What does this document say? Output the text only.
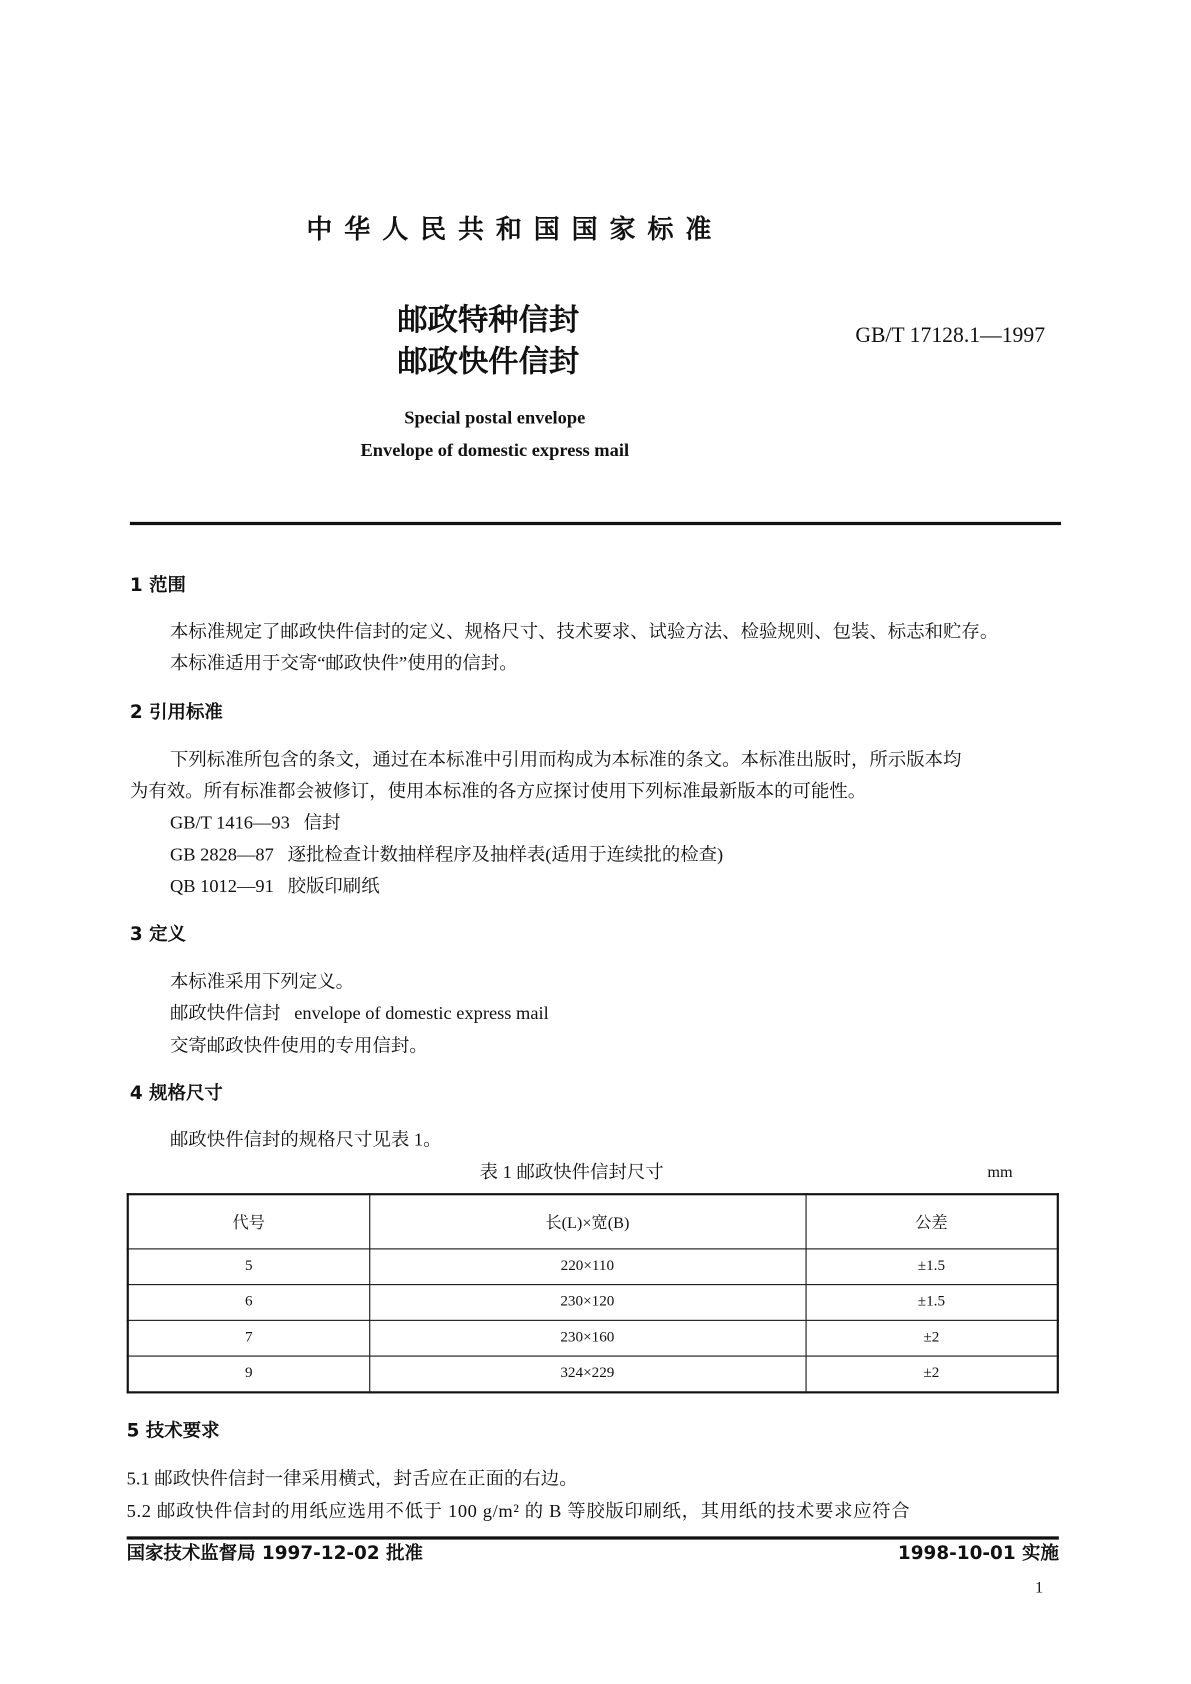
中华人民共和国国家标准
邮政特种信封
邮政快件信封
GB/T 17128.1—1997
Special postal envelope
Envelope of domestic express mail
1 范围
本标准规定了邮政快件信封的定义、规格尺寸、技术要求、试验方法、检验规则、包装、标志和贮存。
本标准适用于交寄“邮政快件”使用的信封。
2 引用标准
下列标准所包含的条文，通过在本标准中引用而构成为本标准的条文。本标准出版时，所示版本均
为有效。所有标准都会被修订，使用本标准的各方应探讨使用下列标准最新版本的可能性。
GB/T 1416—93 信封
GB 2828—87 逐批检查计数抽样程序及抽样表(适用于连续批的检查)
QB 1012—91 胶版印刷纸
3 定义
本标准采用下列定义。
邮政快件信封 envelope of domestic express mail
交寄邮政快件使用的专用信封。
4 规格尺寸
邮政快件信封的规格尺寸见表 1。
表 1 邮政快件信封尺寸	mm
代号	长(L)×宽(B)	公差
5	220×110	±1.5
6	230×120	±1.5
7	230×160	±2
9	324×229	±2
5 技术要求
5.1 邮政快件信封一律采用横式，封舌应在正面的右边。
5.2 邮政快件信封的用纸应选用不低于 100 g/m² 的 B 等胶版印刷纸，其用纸的技术要求应符合
国家技术监督局 1997-12-02 批准	1998-10-01 实施
1
